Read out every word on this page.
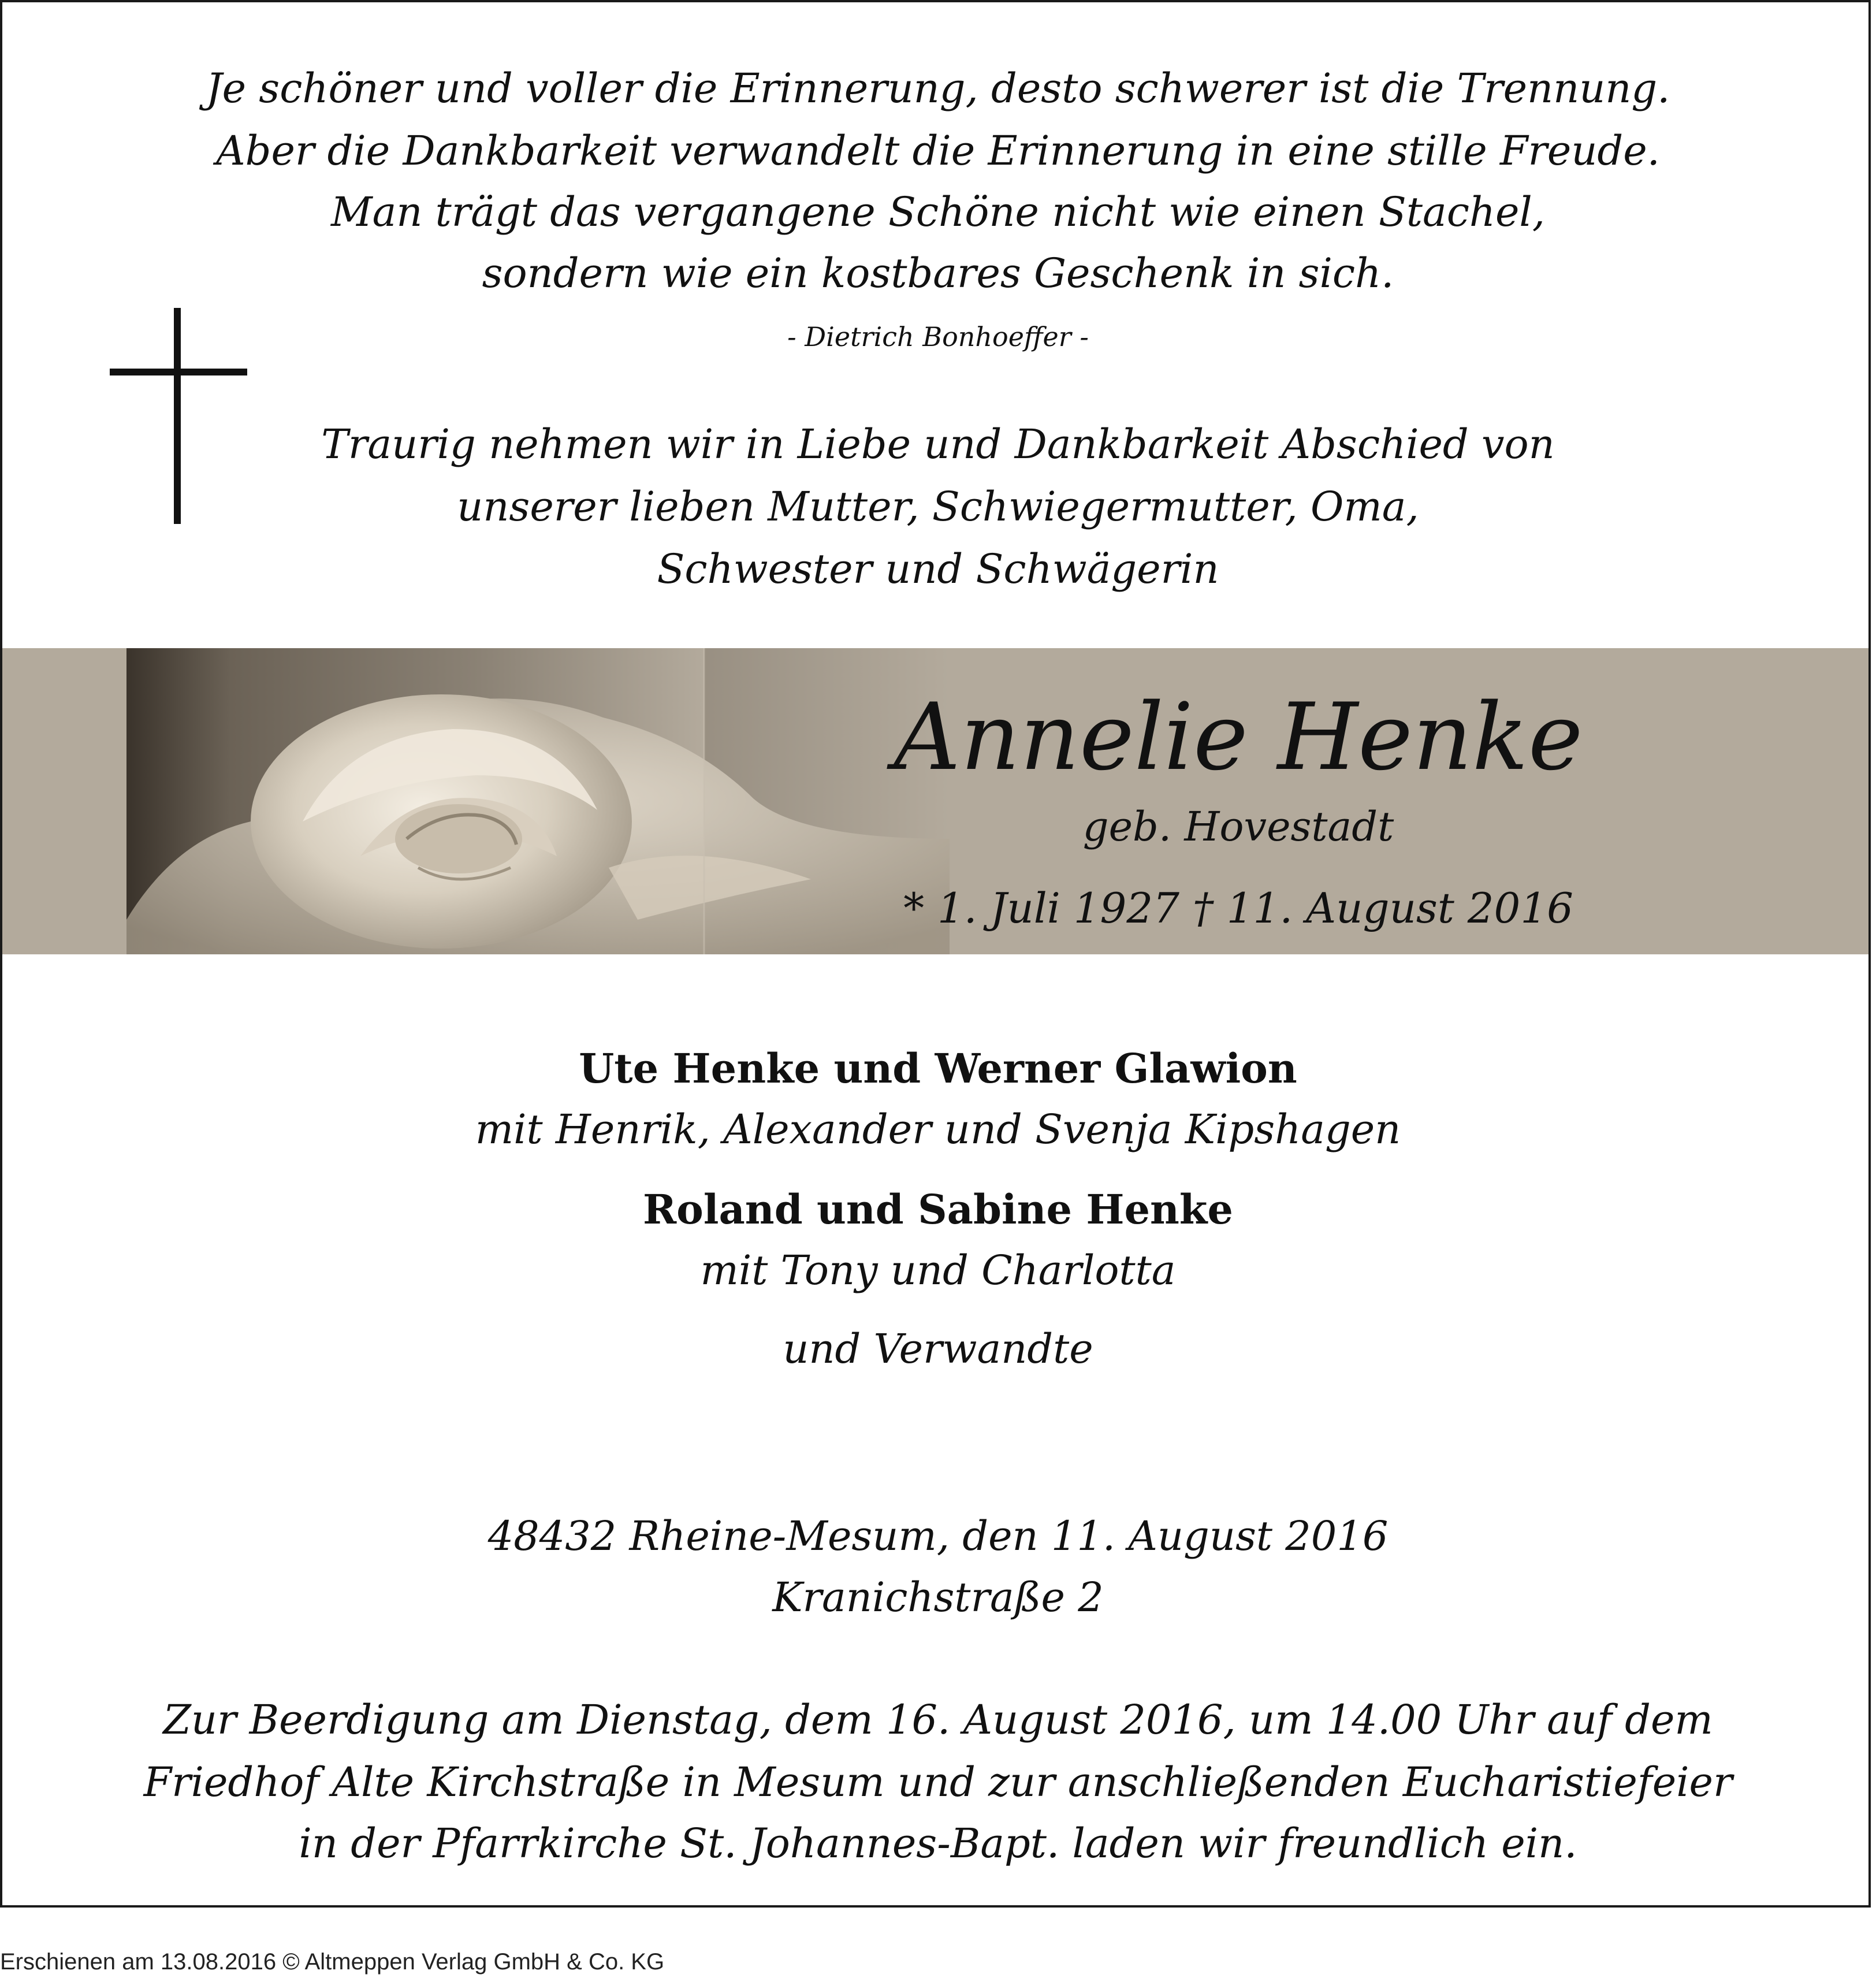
Je schöner und voller die Erinnerung, desto schwerer ist die Trennung.
Aber die Dankbarkeit verwandelt die Erinnerung in eine stille Freude.
Man trägt das vergangene Schöne nicht wie einen Stachel,
sondern wie ein kostbares Geschenk in sich.
- Dietrich Bonhoeffer -
Traurig nehmen wir in Liebe und Dankbarkeit Abschied von
unserer lieben Mutter, Schwiegermutter, Oma,
Schwester und Schwägerin
Annelie Henke
geb. Hovestadt
* 1. Juli 1927 † 11. August 2016
Ute Henke und Werner Glawion
mit Henrik, Alexander und Svenja Kipshagen
Roland und Sabine Henke
mit Tony und Charlotta
und Verwandte
48432 Rheine-Mesum, den 11. August 2016
Kranichstraße 2
Zur Beerdigung am Dienstag, dem 16. August 2016, um 14.00 Uhr auf dem
Friedhof Alte Kirchstraße in Mesum und zur anschließenden Eucharistiefeier
in der Pfarrkirche St. Johannes-Bapt. laden wir freundlich ein.
Erschienen am 13.08.2016 © Altmeppen Verlag GmbH & Co. KG
